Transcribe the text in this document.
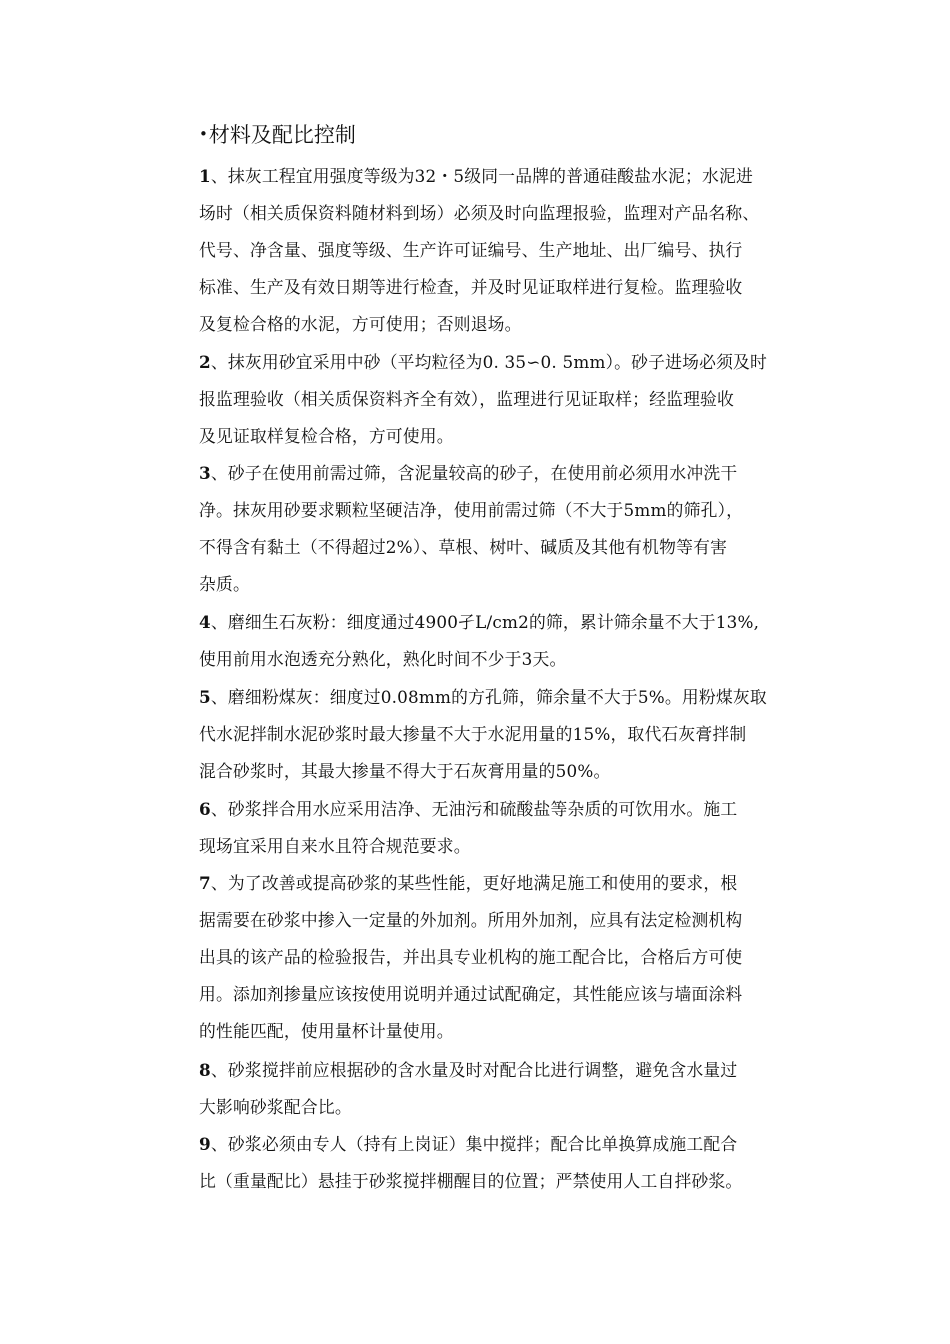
•材料及配比控制
1、抹灰工程宜用强度等级为32・5级同一品牌的普通硅酸盐水泥；水泥进
场时（相关质保资料随材料到场）必须及时向监理报验，监理对产品名称、
代号、净含量、强度等级、生产许可证编号、生产地址、出厂编号、执行
标准、生产及有效日期等进行检查，并及时见证取样进行复检。监理验收
及复检合格的水泥，方可使用；否则退场。
2、抹灰用砂宜采用中砂（平均粒径为0. 35∽0. 5mm）。砂子进场必须及时
报监理验收（相关质保资料齐全有效），监理进行见证取样；经监理验收
及见证取样复检合格，方可使用。
3、砂子在使用前需过筛，含泥量较高的砂子，在使用前必须用水冲洗干
净。抹灰用砂要求颗粒坚硬洁净，使用前需过筛（不大于5mm的筛孔），
不得含有黏土（不得超过2%）、草根、树叶、碱质及其他有机物等有害
杂质。
4、磨细生石灰粉：细度通过4900孑L/cm2的筛，累计筛余量不大于13%,
使用前用水泡透充分熟化，熟化时间不少于3天。
5、磨细粉煤灰：细度过0.08mm的方孔筛，筛余量不大于5%。用粉煤灰取
代水泥拌制水泥砂浆时最大掺量不大于水泥用量的15%，取代石灰膏拌制
混合砂浆时，其最大掺量不得大于石灰膏用量的50%。
6、砂浆拌合用水应采用洁净、无油污和硫酸盐等杂质的可饮用水。施工
现场宜采用自来水且符合规范要求。
7、为了改善或提高砂浆的某些性能，更好地满足施工和使用的要求，根
据需要在砂浆中掺入一定量的外加剂。所用外加剂，应具有法定检测机构
出具的该产品的检验报告，并出具专业机构的施工配合比，合格后方可使
用。添加剂掺量应该按使用说明并通过试配确定，其性能应该与墙面涂料
的性能匹配，使用量杯计量使用。
8、砂浆搅拌前应根据砂的含水量及时对配合比进行调整，避免含水量过
大影响砂浆配合比。
9、砂浆必须由专人（持有上岗证）集中搅拌；配合比单换算成施工配合
比（重量配比）悬挂于砂浆搅拌棚醒目的位置；严禁使用人工自拌砂浆。
